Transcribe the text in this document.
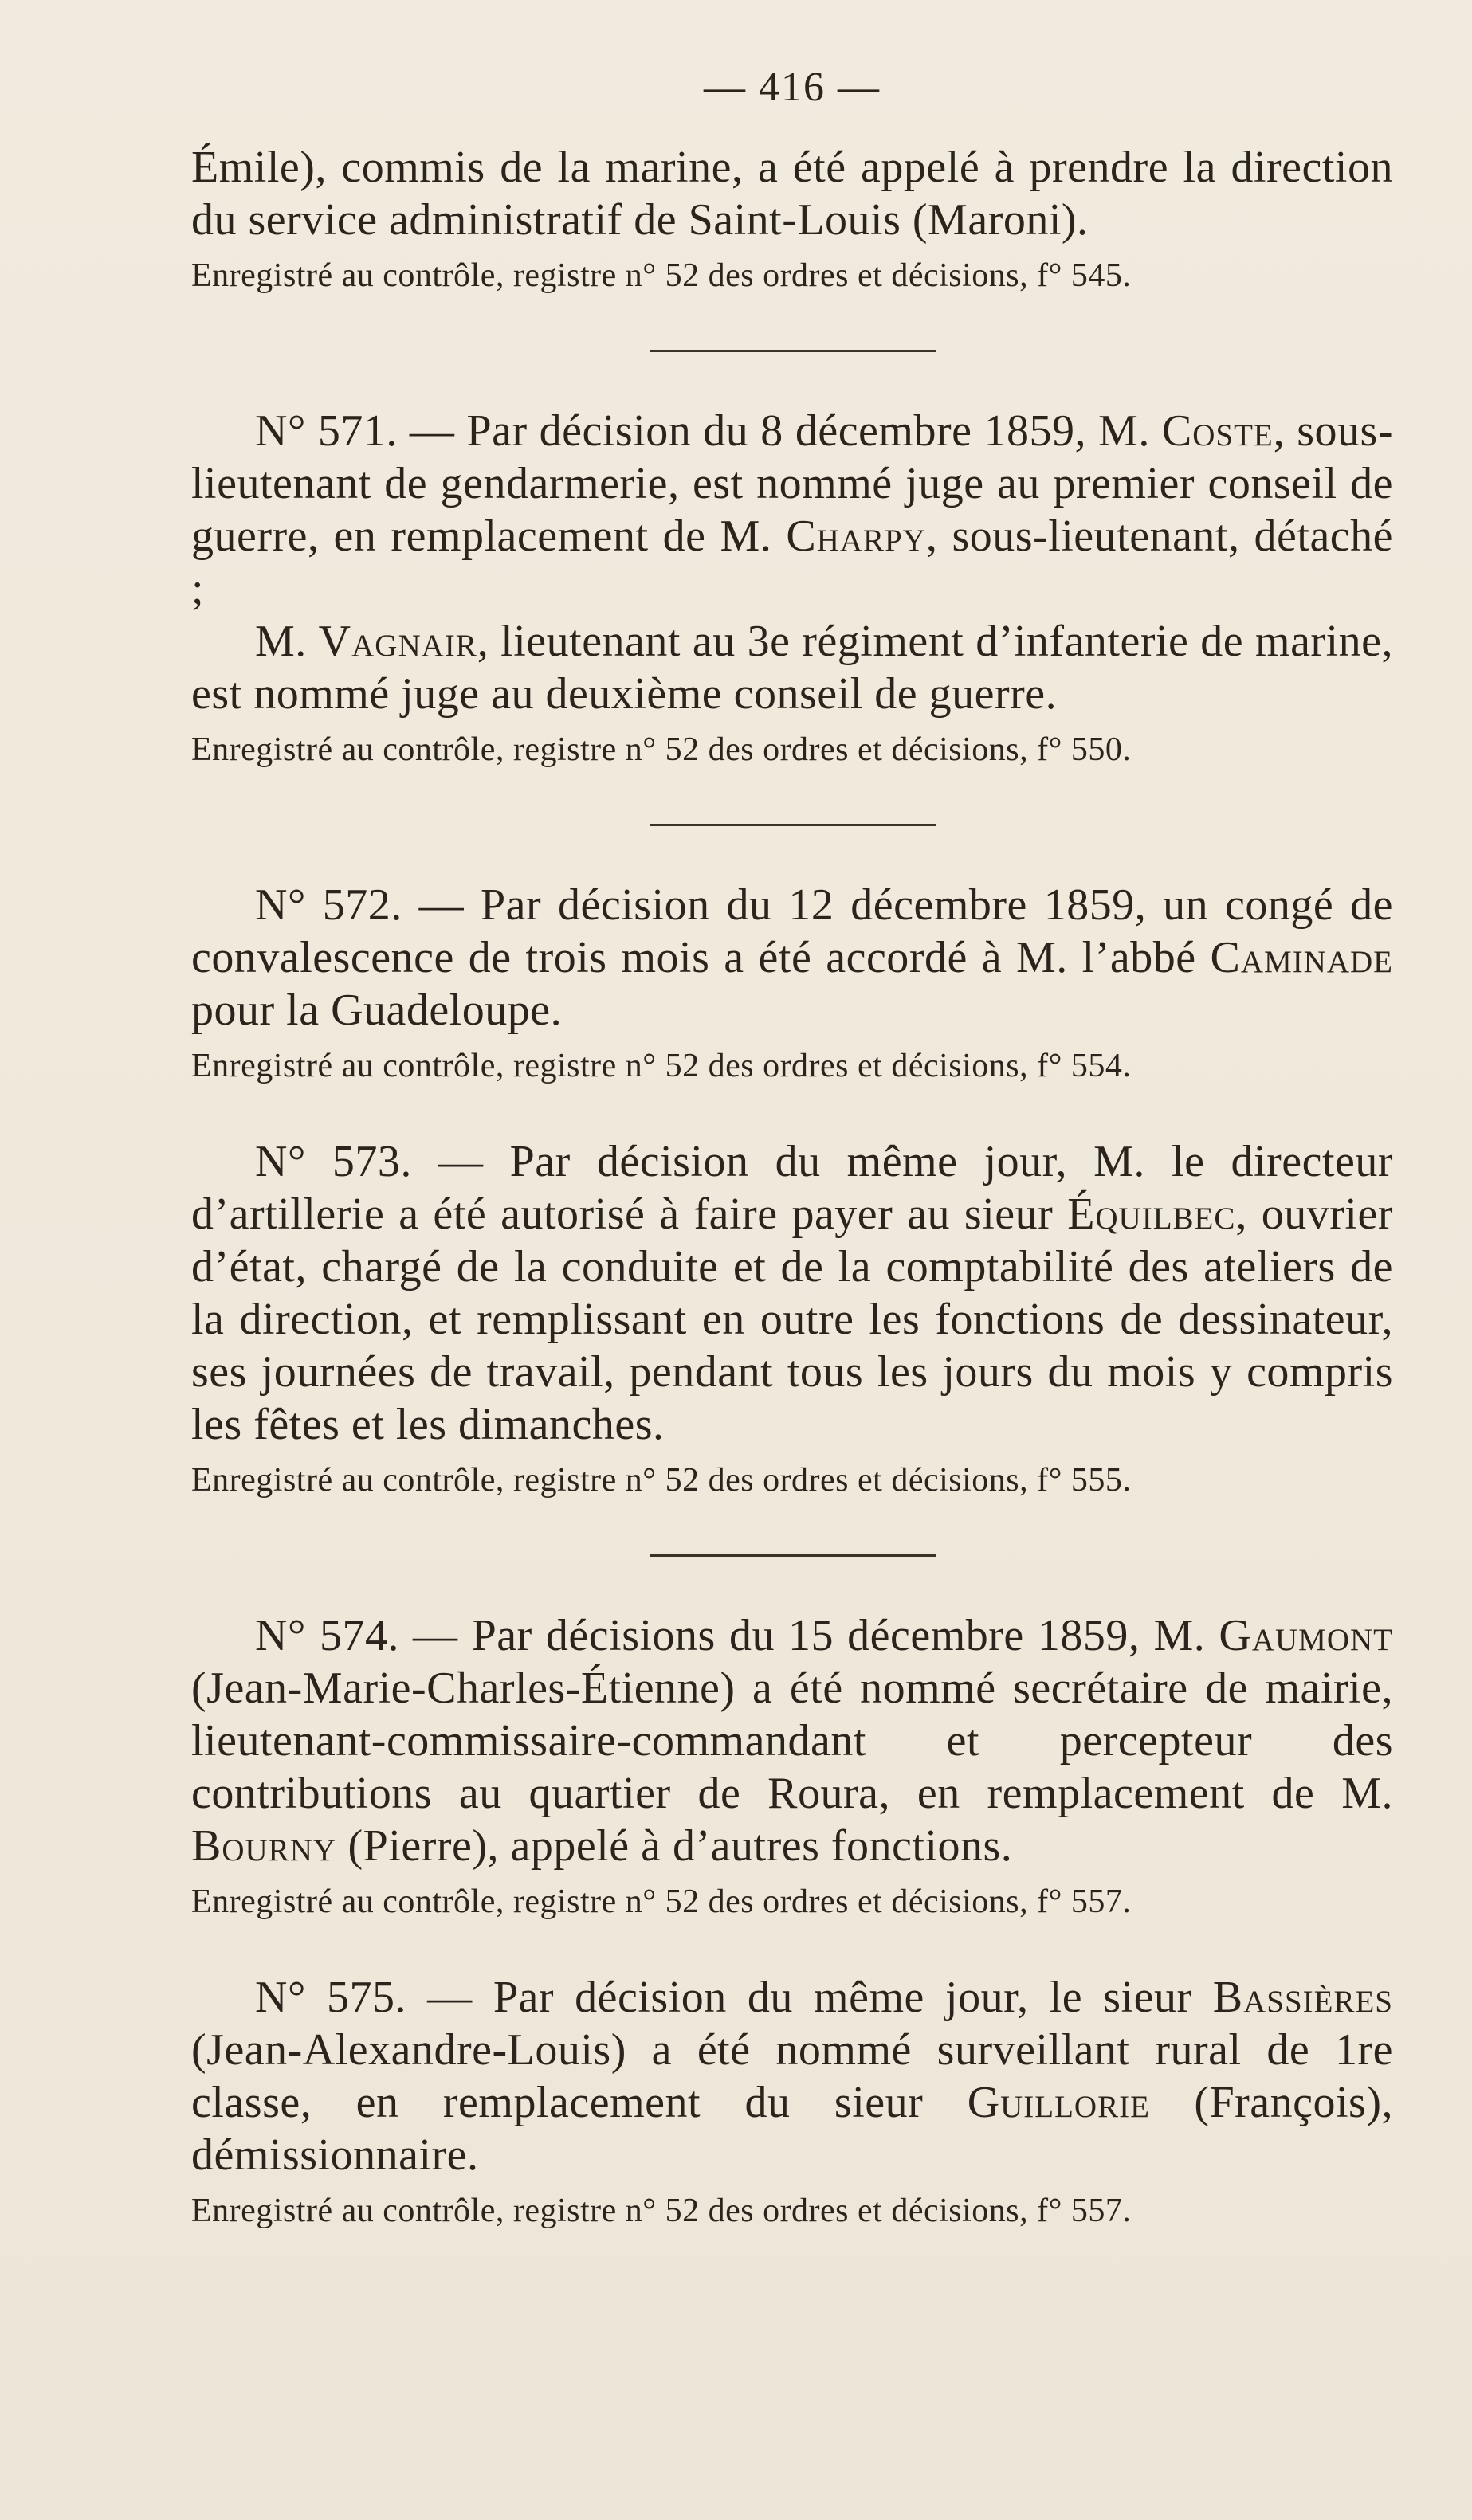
— 416 —

Émile), commis de la marine, a été appelé à prendre la direction du service administratif de Saint-Louis (Maroni).

Enregistré au contrôle, registre n° 52 des ordres et décisions, f° 545.

N° 571. — Par décision du 8 décembre 1859, M. Coste, sous-lieutenant de gendarmerie, est nommé juge au premier conseil de guerre, en remplacement de M. Charpy, sous-lieutenant, détaché ;

M. Vagnair, lieutenant au 3e régiment d’infanterie de marine, est nommé juge au deuxième conseil de guerre.

Enregistré au contrôle, registre n° 52 des ordres et décisions, f° 550.

N° 572. — Par décision du 12 décembre 1859, un congé de convalescence de trois mois a été accordé à M. l’abbé Caminade pour la Guadeloupe.

Enregistré au contrôle, registre n° 52 des ordres et décisions, f° 554.

N° 573. — Par décision du même jour, M. le directeur d’artillerie a été autorisé à faire payer au sieur Équilbec, ouvrier d’état, chargé de la conduite et de la comptabilité des ateliers de la direction, et remplissant en outre les fonctions de dessinateur, ses journées de travail, pendant tous les jours du mois y compris les fêtes et les dimanches.

Enregistré au contrôle, registre n° 52 des ordres et décisions, f° 555.

N° 574. — Par décisions du 15 décembre 1859, M. Gaumont (Jean-Marie-Charles-Étienne) a été nommé secrétaire de mairie, lieutenant-commissaire-commandant et percepteur des contributions au quartier de Roura, en remplacement de M. Bourny (Pierre), appelé à d’autres fonctions.

Enregistré au contrôle, registre n° 52 des ordres et décisions, f° 557.

N° 575. — Par décision du même jour, le sieur Bassières (Jean-Alexandre-Louis) a été nommé surveillant rural de 1re classe, en remplacement du sieur Guillorie (François), démissionnaire.

Enregistré au contrôle, registre n° 52 des ordres et décisions, f° 557.
